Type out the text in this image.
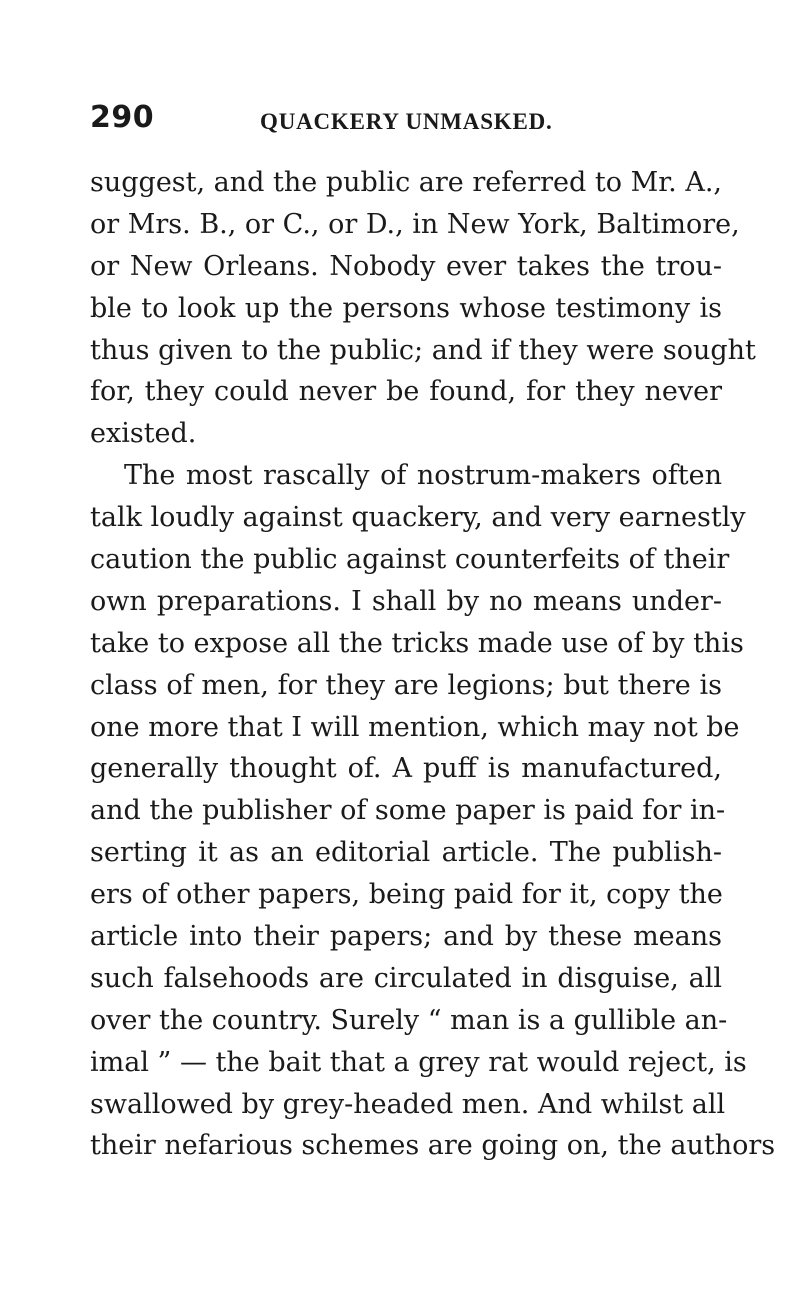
290	QUACKERY UNMASKED.
suggest, and the public are referred to Mr. A.,
or Mrs. B., or C., or D., in New York, Baltimore,
or New Orleans. Nobody ever takes the trou-
ble to look up the persons whose testimony is
thus given to the public; and if they were sought
for, they could never be found, for they never
existed.
The most rascally of nostrum-makers often
talk loudly against quackery, and very earnestly
caution the public against counterfeits of their
own preparations. I shall by no means under-
take to expose all the tricks made use of by this
class of men, for they are legions; but there is
one more that I will mention, which may not be
generally thought of. A puff is manufactured,
and the publisher of some paper is paid for in-
serting it as an editorial article. The publish-
ers of other papers, being paid for it, copy the
article into their papers; and by these means
such falsehoods are circulated in disguise, all
over the country. Surely “ man is a gullible an-
imal ” — the bait that a grey rat would reject, is
swallowed by grey-headed men. And whilst all
their nefarious schemes are going on, the authors
